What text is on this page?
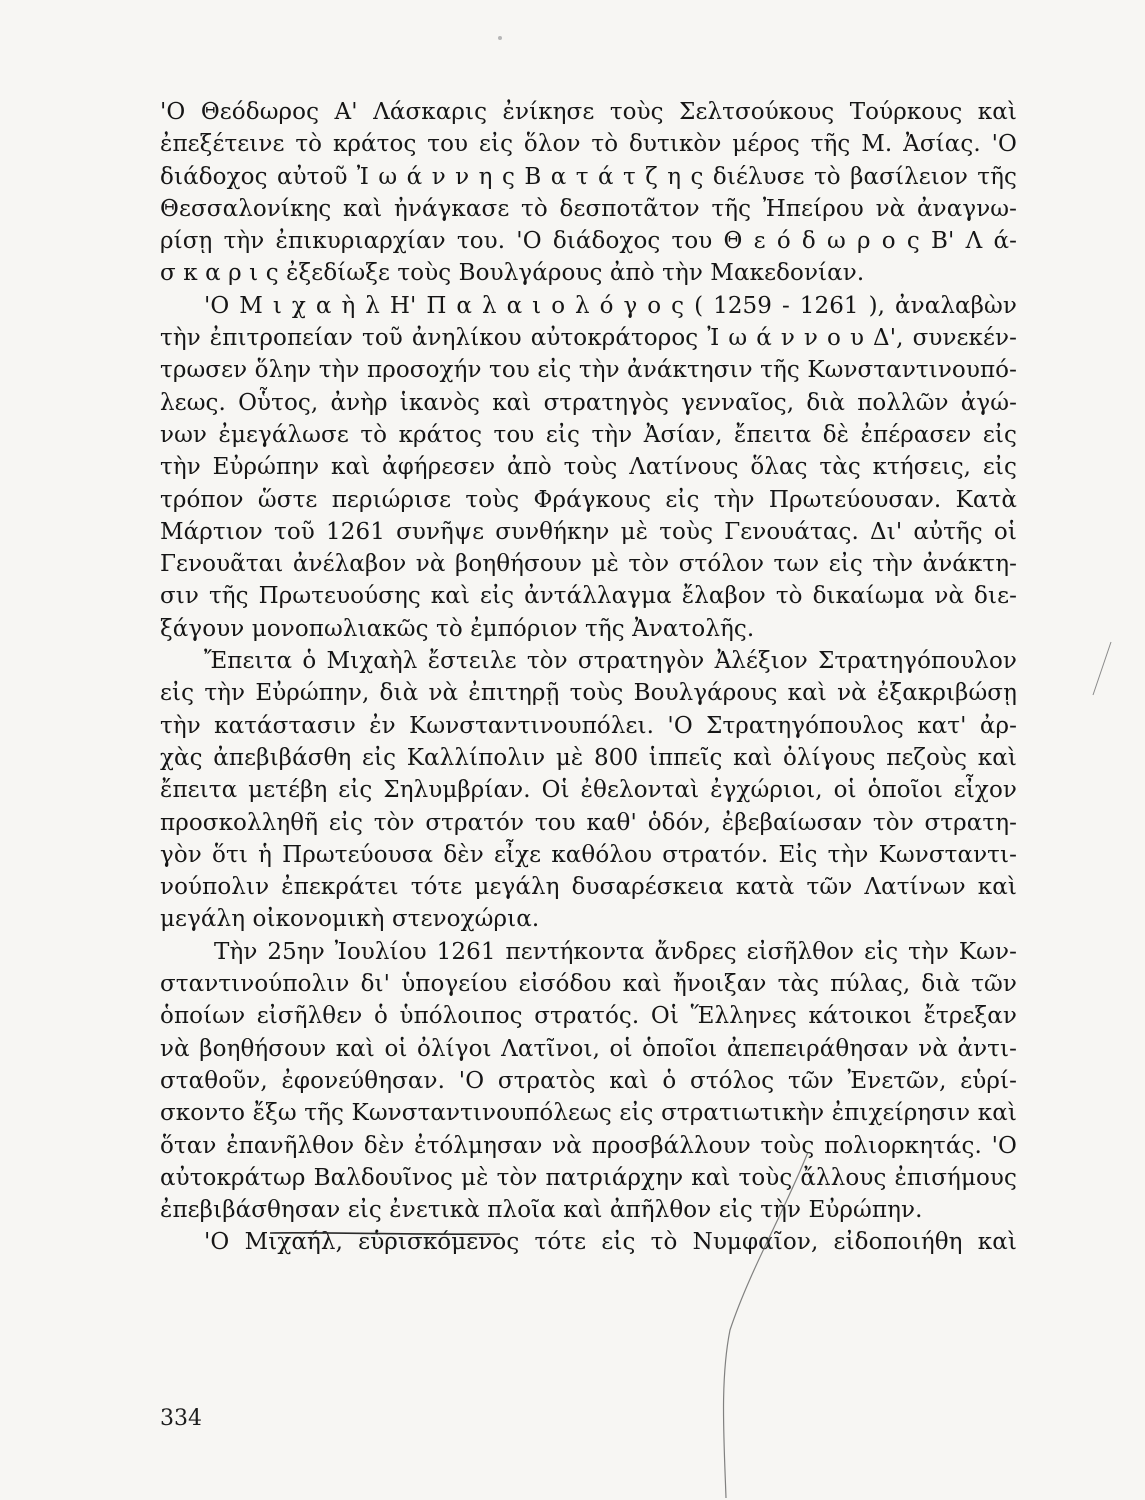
'Ο Θεόδωρος Α' Λάσκαρις ἐνίκησε τοὺς Σελτσούκους Τούρκους καὶ
ἐπεξέτεινε τὸ κράτος του εἰς ὅλον τὸ δυτικὸν μέρος τῆς Μ. Ἀσίας. 'Ο
διάδοχος αὐτοῦ Ἰ ω ά ν ν η ς Β α τ ά τ ζ η ς διέλυσε τὸ βασίλειον τῆς
Θεσσαλονίκης καὶ ἠνάγκασε τὸ δεσποτᾶτον τῆς Ἠπείρου νὰ ἀναγνω-
ρίσῃ τὴν ἐπικυριαρχίαν του. 'Ο διάδοχος του Θ ε ό δ ω ρ ο ς Β' Λ ά-
σ κ α ρ ι ς ἐξεδίωξε τοὺς Βουλγάρους ἀπὸ τὴν Μακεδονίαν.
'Ο Μ ι χ α ὴ λ Η' Π α λ α ι ο λ ό γ ο ς ( 1259 - 1261 ), ἀναλαβὼν
τὴν ἐπιτροπείαν τοῦ ἀνηλίκου αὐτοκράτορος Ἰ ω ά ν ν ο υ Δ', συνεκέν-
τρωσεν ὅλην τὴν προσοχήν του εἰς τὴν ἀνάκτησιν τῆς Κωνσταντινουπό-
λεως. Οὗτος, ἀνὴρ ἱκανὸς καὶ στρατηγὸς γενναῖος, διὰ πολλῶν ἀγώ-
νων ἐμεγάλωσε τὸ κράτος του εἰς τὴν Ἀσίαν, ἔπειτα δὲ ἐπέρασεν εἰς
τὴν Εὐρώπην καὶ ἀφήρεσεν ἀπὸ τοὺς Λατίνους ὅλας τὰς κτήσεις, εἰς
τρόπον ὥστε περιώρισε τοὺς Φράγκους εἰς τὴν Πρωτεύουσαν. Κατὰ
Μάρτιον τοῦ 1261 συνῆψε συνθήκην μὲ τοὺς Γενουάτας. Δι' αὐτῆς οἱ
Γενουᾶται ἀνέλαβον νὰ βοηθήσουν μὲ τὸν στόλον των εἰς τὴν ἀνάκτη-
σιν τῆς Πρωτευούσης καὶ εἰς ἀντάλλαγμα ἔλαβον τὸ δικαίωμα νὰ διε-
ξάγουν μονοπωλιακῶς τὸ ἐμπόριον τῆς Ἀνατολῆς.
Ἔπειτα ὁ Μιχαὴλ ἔστειλε τὸν στρατηγὸν Ἀλέξιον Στρατηγόπουλον
εἰς τὴν Εὐρώπην, διὰ νὰ ἐπιτηρῇ τοὺς Βουλγάρους καὶ νὰ ἐξακριβώσῃ
τὴν κατάστασιν ἐν Κωνσταντινουπόλει. 'Ο Στρατηγόπουλος κατ' ἀρ-
χὰς ἀπεβιβάσθη εἰς Καλλίπολιν μὲ 800 ἱππεῖς καὶ ὀλίγους πεζοὺς καὶ
ἔπειτα μετέβη εἰς Σηλυμβρίαν. Οἱ ἐθελονταὶ ἐγχώριοι, οἱ ὁποῖοι εἶχον
προσκολληθῆ εἰς τὸν στρατόν του καθ' ὁδόν, ἐβεβαίωσαν τὸν στρατη-
γὸν ὅτι ἡ Πρωτεύουσα δὲν εἶχε καθόλου στρατόν. Εἰς τὴν Κωνσταντι-
νούπολιν ἐπεκράτει τότε μεγάλη δυσαρέσκεια κατὰ τῶν Λατίνων καὶ
μεγάλη οἰκονομικὴ στενοχώρια.
Τὴν 25ην Ἰουλίου 1261 πεντήκοντα ἄνδρες εἰσῆλθον εἰς τὴν Κων-
σταντινούπολιν δι' ὑπογείου εἰσόδου καὶ ἤνοιξαν τὰς πύλας, διὰ τῶν
ὁποίων εἰσῆλθεν ὁ ὑπόλοιπος στρατός. Οἱ Ἕλληνες κάτοικοι ἔτρεξαν
νὰ βοηθήσουν καὶ οἱ ὀλίγοι Λατῖνοι, οἱ ὁποῖοι ἀπεπειράθησαν νὰ ἀντι-
σταθοῦν, ἐφονεύθησαν. 'Ο στρατὸς καὶ ὁ στόλος τῶν Ἐνετῶν, εὑρί-
σκοντο ἔξω τῆς Κωνσταντινουπόλεως εἰς στρατιωτικὴν ἐπιχείρησιν καὶ
ὅταν ἐπανῆλθον δὲν ἐτόλμησαν νὰ προσβάλλουν τοὺς πολιορκητάς. 'Ο
αὐτοκράτωρ Βαλδουῖνος μὲ τὸν πατριάρχην καὶ τοὺς ἄλλους ἐπισήμους
ἐπεβιβάσθησαν εἰς ἐνετικὰ πλοῖα καὶ ἀπῆλθον εἰς τὴν Εὐρώπην.
'Ο Μιχαήλ, εὑρισκόμενος τότε εἰς τὸ Νυμφαῖον, εἰδοποιήθη καὶ
334
